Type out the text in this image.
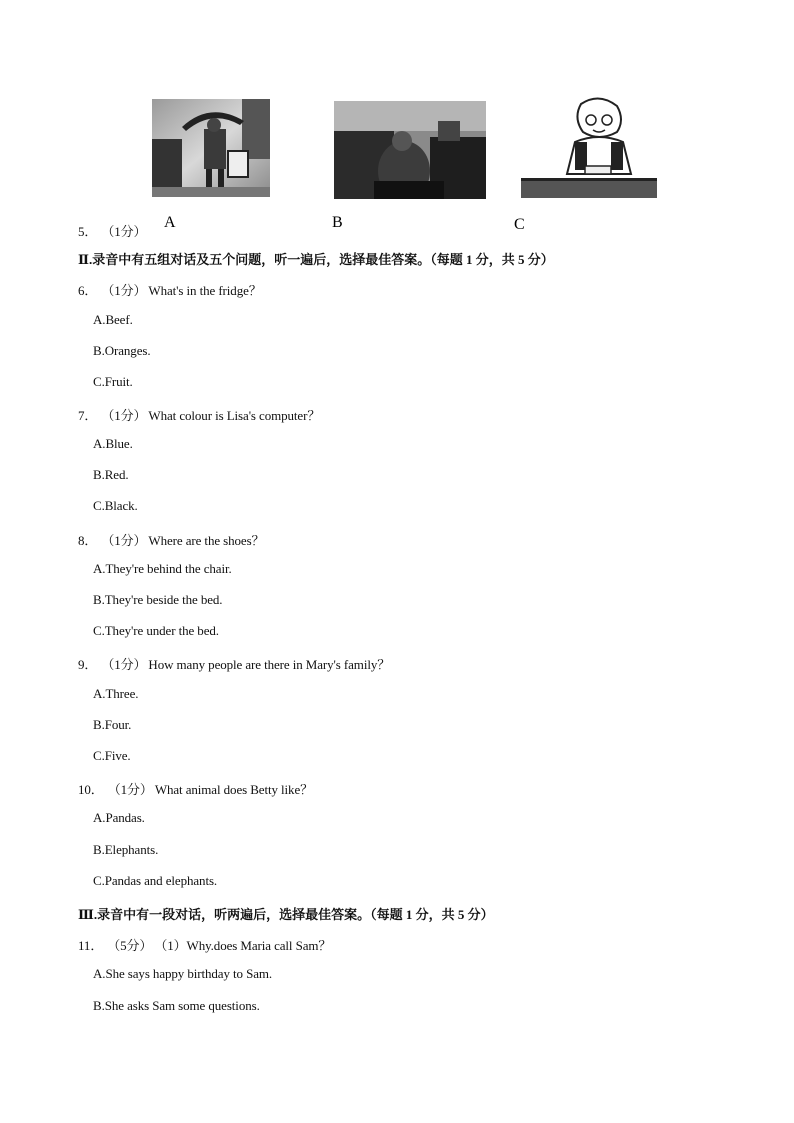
A	B	C
5． （1分）
Ⅱ.录音中有五组对话及五个问题，听一遍后，选择最佳答案。（每题 1 分，共 5 分）
6． （1分） What's in the fridge？
A.Beef.
B.Oranges.
C.Fruit.
7． （1分） What colour is Lisa's computer？
A.Blue.
B.Red.
C.Black.
8． （1分） Where are the shoes？
A.They're behind the chair.
B.They're beside the bed.
C.They're under the bed.
9． （1分） How many people are there in Mary's family？
A.Three.
B.Four.
C.Five.
10． （1分） What animal does Betty like？
A.Pandas.
B.Elephants.
C.Pandas and elephants.
Ⅲ.录音中有一段对话，听两遍后，选择最佳答案。（每题 1 分，共 5 分）
11． （5分） （1）Why.does Maria call Sam？
A.She says happy birthday to Sam.
B.She asks Sam some questions.
